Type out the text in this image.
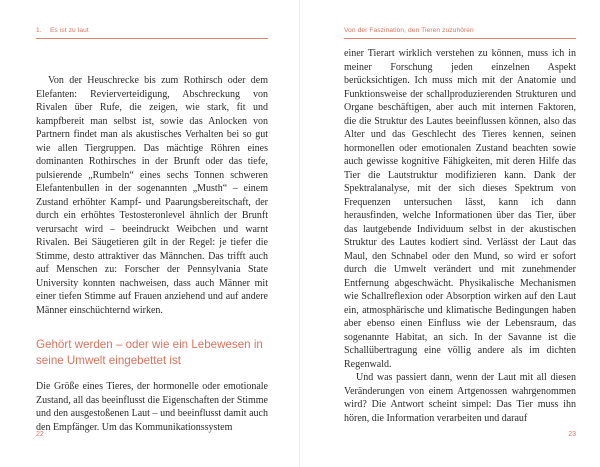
1. Es ist zu laut

Von der Heuschrecke bis zum Rothirsch oder dem Elefanten: Revierverteidigung, Abschreckung von Rivalen über Rufe, die zeigen, wie stark, fit und kampfbereit man selbst ist, sowie das Anlocken von Partnern findet man als akustisches Verhalten bei so gut wie allen Tiergruppen. Das mächtige Röhren eines dominanten Rothirsches in der Brunft oder das tiefe, pulsierende „Rumbeln“ eines sechs Tonnen schweren Elefantenbullen in der sogenannten „Musth“ – einem Zustand erhöhter Kampf- und Paarungsbereitschaft, der durch ein erhöhtes Testosteronlevel ähnlich der Brunft verursacht wird – beeindruckt Weibchen und warnt Rivalen. Bei Säugetieren gilt in der Regel: je tiefer die Stimme, desto attraktiver das Männchen. Das trifft auch auf Menschen zu: Forscher der Pennsylvania State University konnten nachweisen, dass auch Männer mit einer tiefen Stimme auf Frauen anziehend und auf andere Männer einschüchternd wirken.

Gehört werden – oder wie ein Lebewesen in seine Umwelt eingebettet ist

Die Größe eines Tieres, der hormonelle oder emotionale Zustand, all das beeinflusst die Eigenschaften der Stimme und den ausgestoßenen Laut – und beeinflusst damit auch den Empfänger. Um das Kommunikationssystem

22
Von der Faszination, den Tieren zuzuhören

einer Tierart wirklich verstehen zu können, muss ich in meiner Forschung jeden einzelnen Aspekt berücksichtigen. Ich muss mich mit der Anatomie und Funktionsweise der schallproduzierenden Strukturen und Organe beschäftigen, aber auch mit internen Faktoren, die die Struktur des Lautes beeinflussen können, also das Alter und das Geschlecht des Tieres kennen, seinen hormonellen oder emotionalen Zustand beachten sowie auch gewisse kognitive Fähigkeiten, mit deren Hilfe das Tier die Lautstruktur modifizieren kann. Dank der Spektralanalyse, mit der sich dieses Spektrum von Frequenzen untersuchen lässt, kann ich dann herausfinden, welche Informationen über das Tier, über das lautgebende Individuum selbst in der akustischen Struktur des Lautes kodiert sind. Verlässt der Laut das Maul, den Schnabel oder den Mund, so wird er sofort durch die Umwelt verändert und mit zunehmender Entfernung abgeschwächt. Physikalische Mechanismen wie Schallreflexion oder Absorption wirken auf den Laut ein, atmosphärische und klimatische Bedingungen haben aber ebenso einen Einfluss wie der Lebensraum, das sogenannte Habitat, an sich. In der Savanne ist die Schallübertragung eine völlig andere als im dichten Regenwald.

Und was passiert dann, wenn der Laut mit all diesen Veränderungen von einem Artgenossen wahrgenommen wird? Die Antwort scheint simpel: Das Tier muss ihn hören, die Information verarbeiten und darauf

23
